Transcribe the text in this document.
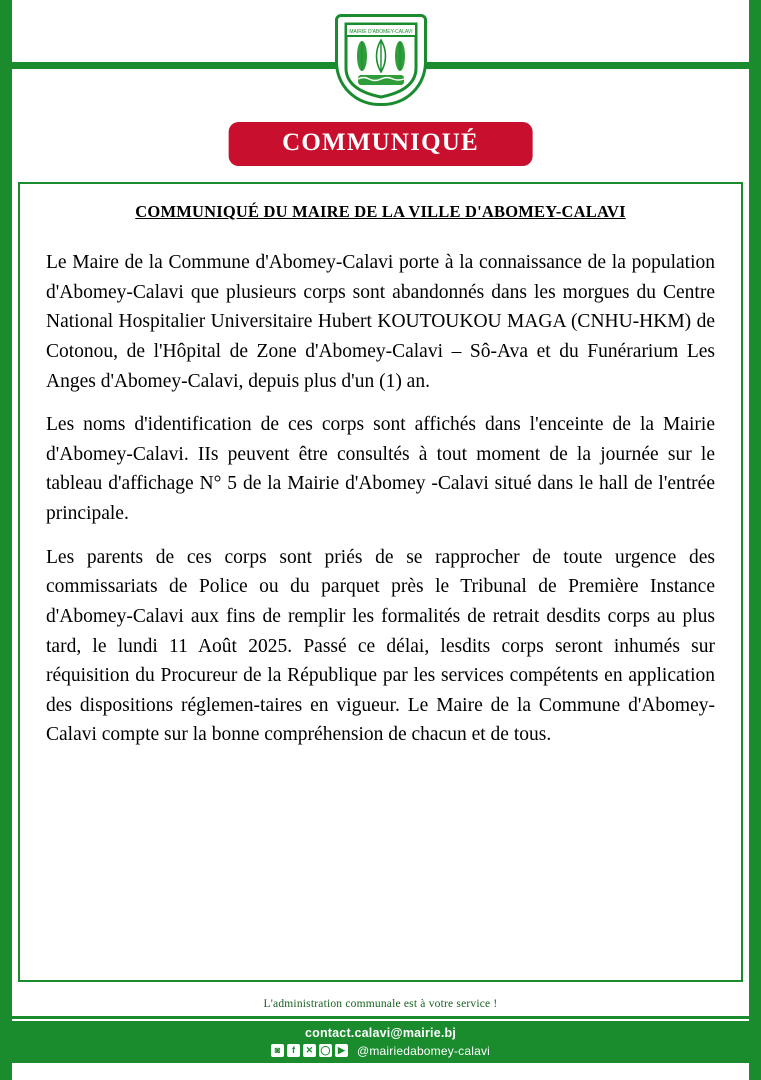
MAIRIE D'ABOMEY-CALAVI
COMMUNIQUÉ
COMMUNIQUÉ DU MAIRE DE LA VILLE D'ABOMEY-CALAVI

Le Maire de la Commune d'Abomey-Calavi porte à la connaissance de la population d'Abomey-Calavi que plusieurs corps sont abandonnés dans les morgues du Centre National Hospitalier Universitaire Hubert KOUTOUKOU MAGA (CNHU-HKM) de Cotonou, de l'Hôpital de Zone d'Abomey-Calavi – Sô-Ava et du Funérarium Les Anges d'Abomey-Calavi, depuis plus d'un (1) an.

Les noms d'identification de ces corps sont affichés dans l'enceinte de la Mairie d'Abomey-Calavi. IIs peuvent être consultés à tout moment de la journée sur le tableau d'affichage N° 5 de la Mairie d'Abomey -Calavi situé dans le hall de l'entrée principale.

Les parents de ces corps sont priés de se rapprocher de toute urgence des commissariats de Police ou du parquet près le Tribunal de Première Instance d'Abomey-Calavi aux fins de remplir les formalités de retrait desdits corps au plus tard, le lundi 11 Août 2025. Passé ce délai, lesdits corps seront inhumés sur réquisition du Procureur de la République par les services compétents en application des dispositions réglemen-taires en vigueur. Le Maire de la Commune d'Abomey-Calavi compte sur la bonne compréhension de chacun et de tous.

L'administration communale est à votre service !
contact.calavi@mairie.bj
◙	f	✕ ◯ ▶ @mairiedabomey-calavi
